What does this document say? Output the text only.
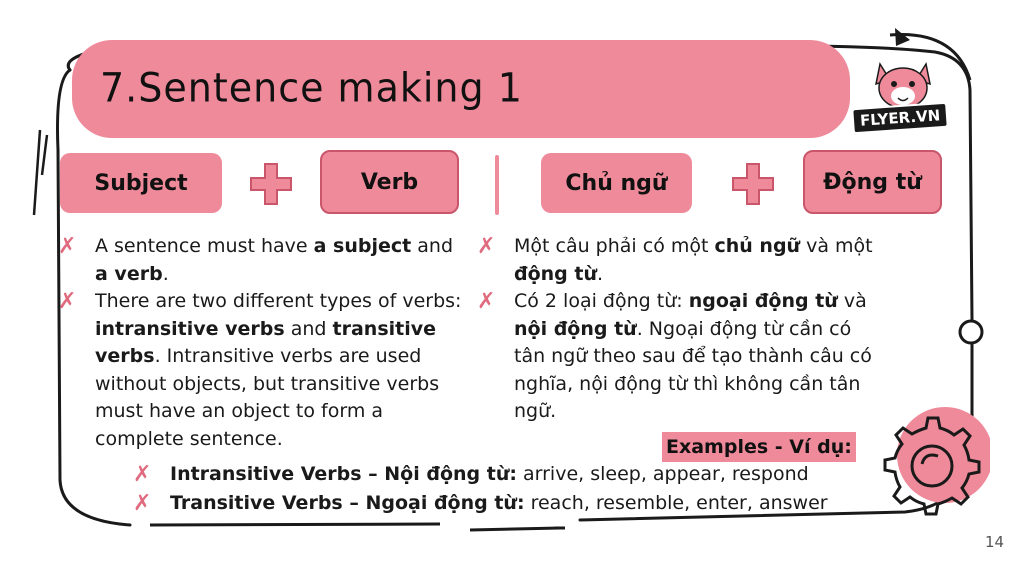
7.Sentence making 1
FLYER.VN
Subject	Verb	Chủ ngữ	Động từ
✗ A sentence must have a subject and a verb.
✗ There are two different types of verbs: intransitive verbs and transitive verbs. Intransitive verbs are used without objects, but transitive verbs must have an object to form a complete sentence.
✗ Một câu phải có một chủ ngữ và một động từ.
✗ Có 2 loại động từ: ngoại động từ và nội động từ. Ngoại động từ cần có tân ngữ theo sau để tạo thành câu có nghĩa, nội động từ thì không cần tân ngữ.
Examples - Ví dụ:
✗ Intransitive Verbs – Nội động từ: arrive, sleep, appear, respond
✗ Transitive Verbs – Ngoại động từ: reach, resemble, enter, answer
14
